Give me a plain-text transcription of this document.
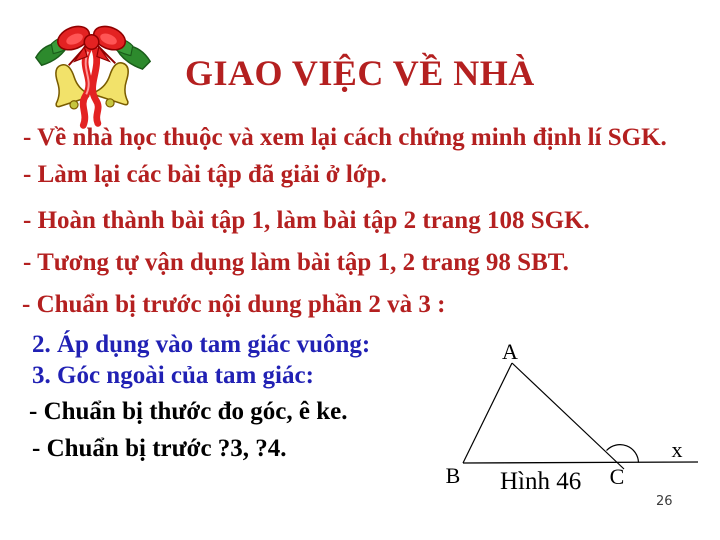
GIAO VIỆC VỀ NHÀ
- Về nhà học thuộc và xem lại cách chứng minh định lí SGK.
- Làm lại các bài tập đã giải ở lớp.
- Hoàn thành bài tập 1, làm bài tập 2 trang 108 SGK.
- Tương tự vận dụng làm bài tập 1, 2 trang 98 SBT.
- Chuẩn bị trước nội dung phần 2 và 3 :
2. Áp dụng vào tam giác vuông:
3. Góc ngoài của tam giác:
- Chuẩn bị thước đo góc, ê ke.
- Chuẩn bị trước ?3, ?4.
A
B	C
x
Hình 46
26
